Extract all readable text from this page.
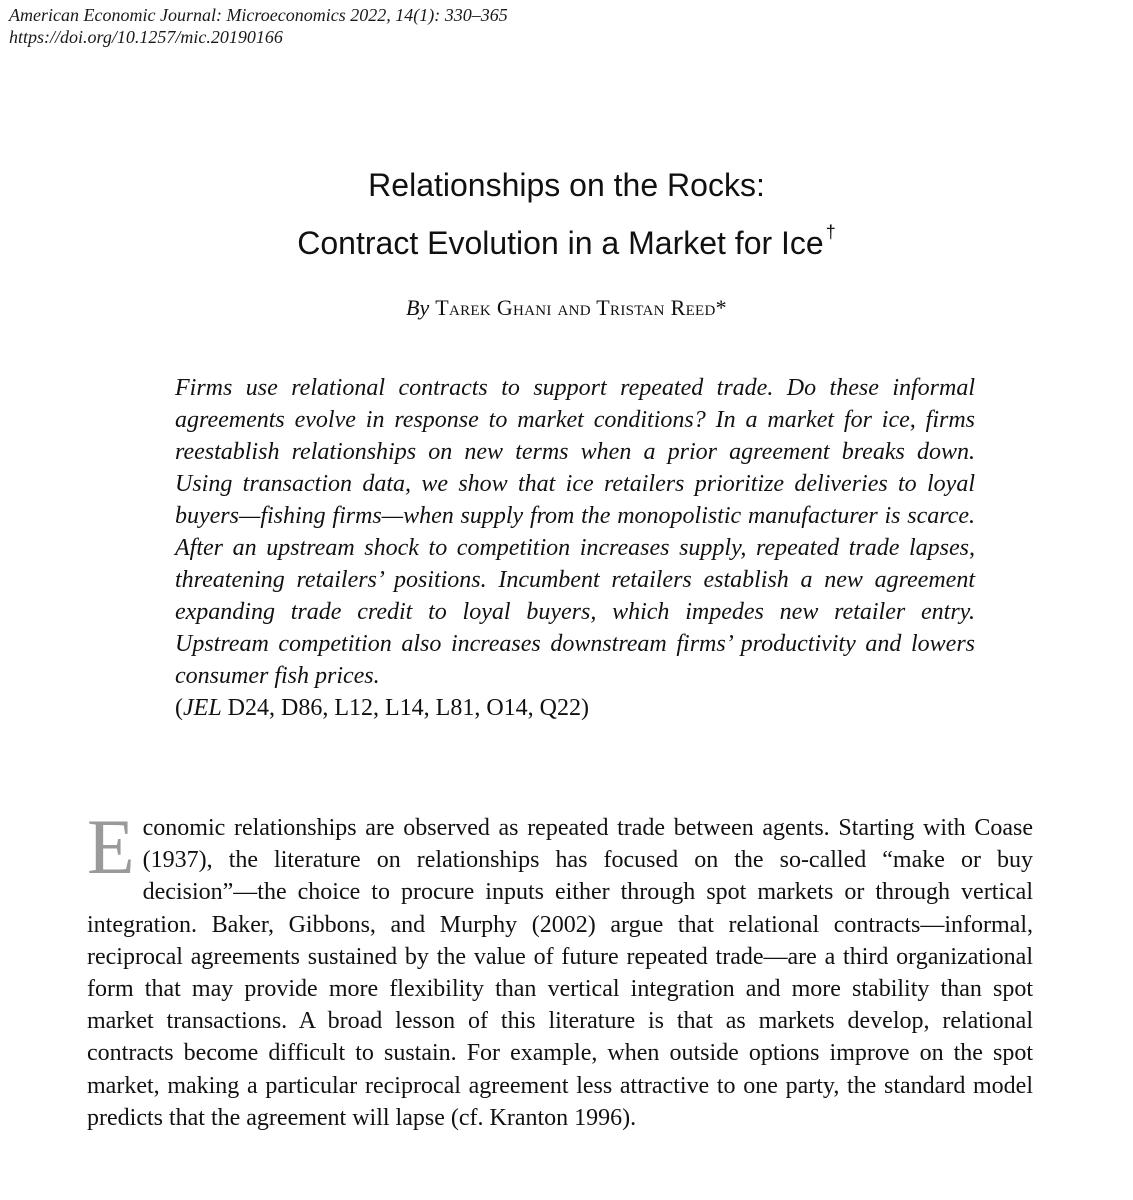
American Economic Journal: Microeconomics 2022, 14(1): 330–365
https://doi.org/10.1257/mic.20190166
Relationships on the Rocks:
Contract Evolution in a Market for Ice †
By Tarek Ghani and Tristan Reed*
Firms use relational contracts to support repeated trade. Do these informal agreements evolve in response to market conditions? In a market for ice, firms reestablish relationships on new terms when a prior agreement breaks down. Using transaction data, we show that ice retailers prioritize deliveries to loyal buyers—fishing firms—when supply from the monopolistic manufacturer is scarce. After an upstream shock to competition increases supply, repeated trade lapses, threatening retailers’ positions. Incumbent retailers establish a new agreement expanding trade credit to loyal buyers, which impedes new retailer entry. Upstream competition also increases downstream firms’ productivity and lowers consumer fish prices.
(JEL D24, D86, L12, L14, L81, O14, Q22)
Economic relationships are observed as repeated trade between agents. Starting with Coase (1937), the literature on relationships has focused on the so-called “make or buy decision”—the choice to procure inputs either through spot markets or through vertical integration. Baker, Gibbons, and Murphy (2002) argue that relational contracts—informal, reciprocal agreements sustained by the value of future repeated trade—are a third organizational form that may provide more flexibility than vertical integration and more stability than spot market transactions. A broad lesson of this literature is that as markets develop, relational contracts become difficult to sustain. For example, when outside options improve on the spot market, making a particular reciprocal agreement less attractive to one party, the standard model predicts that the agreement will lapse (cf. Kranton 1996).
